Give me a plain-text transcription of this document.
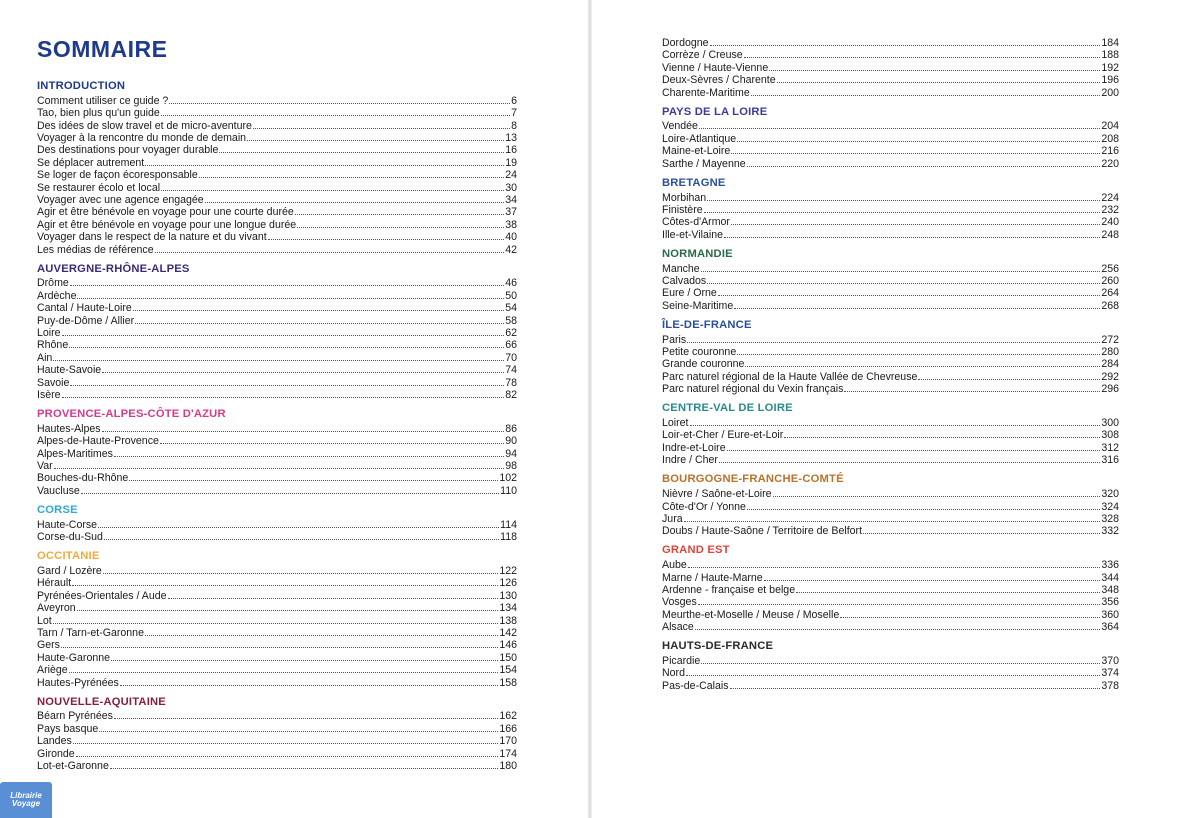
SOMMAIRE
INTRODUCTION
Comment utiliser ce guide ?	6
Tao, bien plus qu'un guide	7
Des idées de slow travel et de micro-aventure	8
Voyager à la rencontre du monde de demain	13
Des destinations pour voyager durable	16
Se déplacer autrement	19
Se loger de façon écoresponsable	24
Se restaurer écolo et local	30
Voyager avec une agence engagée	34
Agir et être bénévole en voyage pour une courte durée	37
Agir et être bénévole en voyage pour une longue durée	38
Voyager dans le respect de la nature et du vivant	40
Les médias de référence	42
AUVERGNE-RHÔNE-ALPES
Drôme	46
Ardèche	50
Cantal / Haute-Loire	54
Puy-de-Dôme / Allier	58
Loire	62
Rhône	66
Ain	70
Haute-Savoie	74
Savoie	78
Isère	82
PROVENCE-ALPES-CÔTE D'AZUR
Hautes-Alpes	86
Alpes-de-Haute-Provence	90
Alpes-Maritimes	94
Var	98
Bouches-du-Rhône	102
Vaucluse	110
CORSE
Haute-Corse	114
Corse-du-Sud	118
OCCITANIE
Gard / Lozère	122
Hérault	126
Pyrénées-Orientales / Aude	130
Aveyron	134
Lot	138
Tarn / Tarn-et-Garonne	142
Gers	146
Haute-Garonne	150
Ariège	154
Hautes-Pyrénées	158
NOUVELLE-AQUITAINE
Béarn Pyrénées	162
Pays basque	166
Landes	170
Gironde	174
Lot-et-Garonne	180
Dordogne	184
Corrèze / Creuse	188
Vienne / Haute-Vienne	192
Deux-Sèvres / Charente	196
Charente-Maritime	200
PAYS DE LA LOIRE
Vendée	204
Loire-Atlantique	208
Maine-et-Loire	216
Sarthe / Mayenne	220
BRETAGNE
Morbihan	224
Finistère	232
Côtes-d'Armor	240
Ille-et-Vilaine	248
NORMANDIE
Manche	256
Calvados	260
Eure / Orne	264
Seine-Maritime	268
ÎLE-DE-FRANCE
Paris	272
Petite couronne	280
Grande couronne	284
Parc naturel régional de la Haute Vallée de Chevreuse	292
Parc naturel régional du Vexin français	296
CENTRE-VAL DE LOIRE
Loiret	300
Loir-et-Cher / Eure-et-Loir	308
Indre-et-Loire	312
Indre / Cher	316
BOURGOGNE-FRANCHE-COMTÉ
Nièvre / Saône-et-Loire	320
Côte-d'Or / Yonne	324
Jura	328
Doubs / Haute-Saône / Territoire de Belfort	332
GRAND EST
Aube	336
Marne / Haute-Marne	344
Ardenne - française et belge	348
Vosges	356
Meurthe-et-Moselle / Meuse / Moselle	360
Alsace	364
HAUTS-DE-FRANCE
Picardie	370
Nord	374
Pas-de-Calais	378
Librairie Voyage
